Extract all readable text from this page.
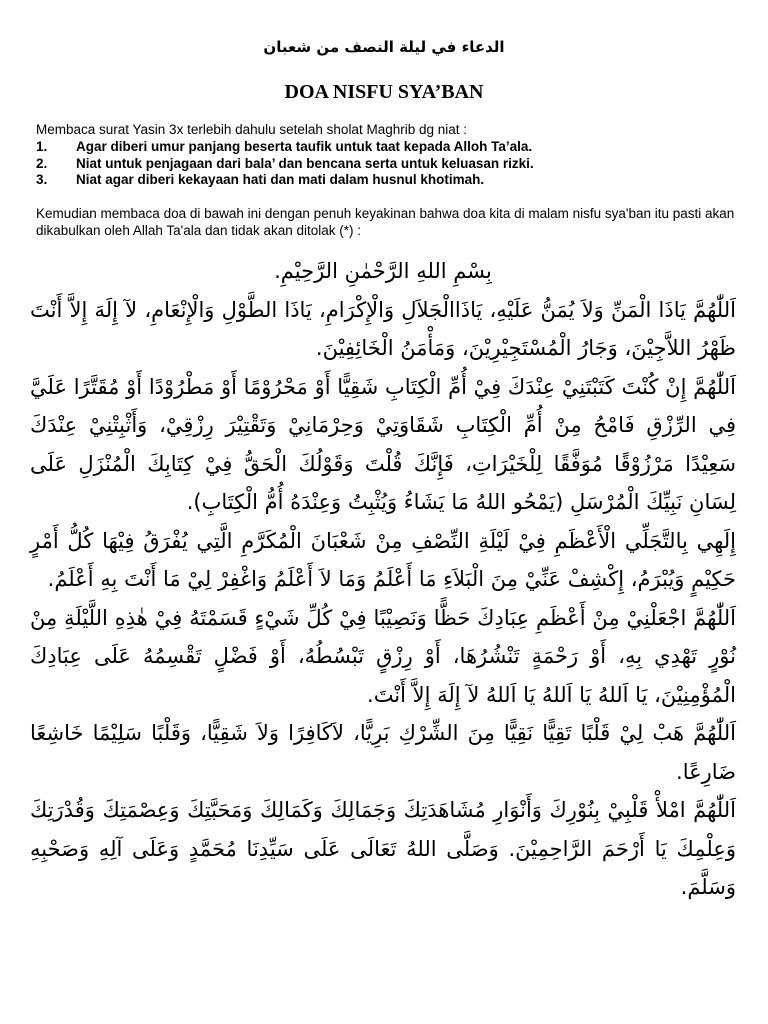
الدعاء في ليلة النصف من شعبان
DOA NISFU SYA’BAN
Membaca surat Yasin 3x terlebih dahulu setelah sholat Maghrib dg niat :
1.	Agar diberi umur panjang beserta taufik untuk taat kepada Alloh Ta’ala.
2.	Niat untuk penjagaan dari bala’ dan bencana serta untuk keluasan rizki.
3.	Niat agar diberi kekayaan hati dan mati dalam husnul khotimah.
Kemudian membaca doa di bawah ini dengan penuh keyakinan bahwa doa kita di malam nisfu sya'ban itu pasti akan dikabulkan oleh Allah Ta'ala dan tidak akan ditolak (*) :

بِسْمِ اللهِ الرَّحْمٰنِ الرَّحِيْمِ.

اَللّٰهُمَّ يَاذَا الْمَنِّ وَلاَ يُمَنُّ عَلَيْهِ، يَاذَاالْجَلاَلِ وَالْإِكْرَامِ، يَاذَا الطَّوْلِ وَالْإِنْعَامِ، لآ إِلَهَ إِلاَّ أَنْتَ ظَهْرُ اللاَّجِيْنَ، وَجَارُ الْمُسْتَجِيْرِيْنَ، وَمَأْمَنُ الْخَائِفِيْنَ.

اَللّٰهُمَّ إِنْ كُنْتَ كَتَبْتَنِيْ عِنْدَكَ فِيْ أُمِّ الْكِتَابِ شَقِيًّا أَوْ مَحْرُوْمًا أَوْ مَطْرُوْدًا أَوْ مُقَتَّرًا عَلَيَّ فِي الرِّزْقِ فَامْحُ مِنْ أُمِّ الْكِتَابِ شَقَاوَتِيْ وَحِرْمَانِيْ وَتَقْتِيْرَ رِزْقِيْ، وَأَثْبِتْنِيْ عِنْدَكَ سَعِيْدًا مَرْزُوْقًا مُوَفَّقًا لِلْخَيْرَاتِ، فَإِنَّكَ قُلْتَ وَقَوْلُكَ الْحَقُّ فِيْ كِتَابِكَ الْمُنْزَلِ عَلَى لِسَانِ نَبِيِّكَ الْمُرْسَلِ (يَمْحُو اللهُ مَا يَشَاءُ وَيُثْبِتُ وَعِنْدَهُ أُمُّ الْكِتَابِ).

إِلَهِي بِالتَّجَلِّي الْأَعْظَمِ فِيْ لَيْلَةِ النِّصْفِ مِنْ شَعْبَانَ الْمُكَرَّمِ الَّتِي يُفْرَقُ فِيْهَا كُلُّ أَمْرٍ حَكِيْمٍ وَيُبْرَمُ، إِكْشِفْ عَنِّيْ مِنَ الْبَلاَءِ مَا أَعْلَمُ وَمَا لاَ أَعْلَمُ وَاغْفِرْ لِيْ مَا أَنْتَ بِهِ أَعْلَمُ.

اَللّٰهُمَّ اجْعَلْنِيْ مِنْ أَعْظَمِ عِبَادِكَ حَظًّا وَنَصِيْبًا فِيْ كُلِّ شَيْءٍ قَسَمْتَهُ فِيْ هٰذِهِ اللَّيْلَةِ مِنْ نُوْرٍ تَهْدِي بِهِ، أَوْ رَحْمَةٍ تَنْشُرُهَا، أَوْ رِزْقٍ تَبْسُطُهُ، أَوْ فَضْلٍ تَقْسِمُهُ عَلَى عِبَادِكَ الْمُؤْمِنِيْنَ، يَا اَللهُ يَا اَللهُ يَا اَللهُ لآ إِلَهَ إِلاَّ أَنْتَ.

اَللّٰهُمَّ هَبْ لِيْ قَلْبًا تَقِيًّا نَقِيًّا مِنَ الشِّرْكِ بَرِيًّا، لاَكَافِرًا وَلاَ شَقِيًّا، وَقَلْبًا سَلِيْمًا خَاشِعًا ضَارِعًا.

اَللّٰهُمَّ امْلأْ قَلْبِيْ بِنُوْرِكَ وَأَنْوَارِ مُشَاهَدَتِكَ وَجَمَالِكَ وَكَمَالِكَ وَمَحَبَّتِكَ وَعِصْمَتِكَ وَقُدْرَتِكَ وَعِلْمِكَ يَا أَرْحَمَ الرَّاحِمِيْنَ. وَصَلَّى اللهُ تَعَالَى عَلَى سَيِّدِنَا مُحَمَّدٍ وَعَلَى آلِهِ وَصَحْبِهِ وَسَلَّمَ.
